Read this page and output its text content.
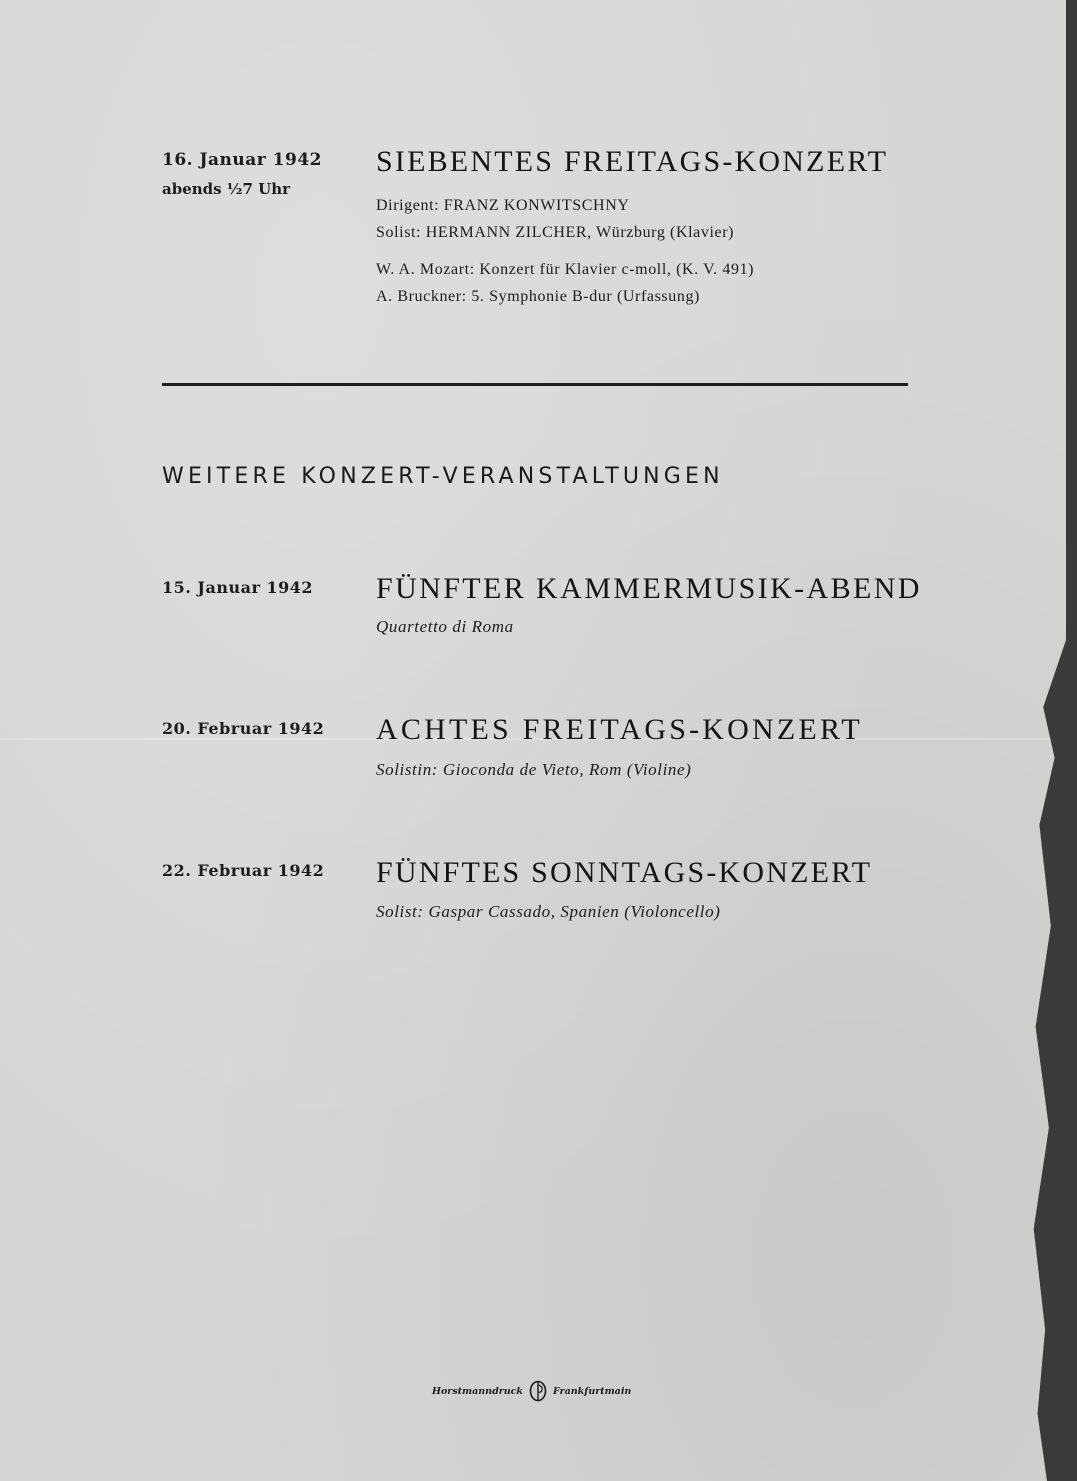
16. Januar 1942
abends ½7 Uhr
SIEBENTES FREITAGS-KONZERT
Dirigent: FRANZ KONWITSCHNY
Solist: HERMANN ZILCHER, Würzburg (Klavier)
W. A. Mozart: Konzert für Klavier c-moll, (K. V. 491)
A. Bruckner: 5. Symphonie B-dur (Urfassung)
WEITERE KONZERT-VERANSTALTUNGEN
15. Januar 1942 FÜNFTER KAMMERMUSIK-ABEND
Quartetto di Roma
20. Februar 1942 ACHTES FREITAGS-KONZERT
Solistin: Gioconda de Vieto, Rom (Violine)
22. Februar 1942 FÜNFTES SONNTAGS-KONZERT
Solist: Gaspar Cassado, Spanien (Violoncello)
Horstmanndruck	Frankfurtmain
